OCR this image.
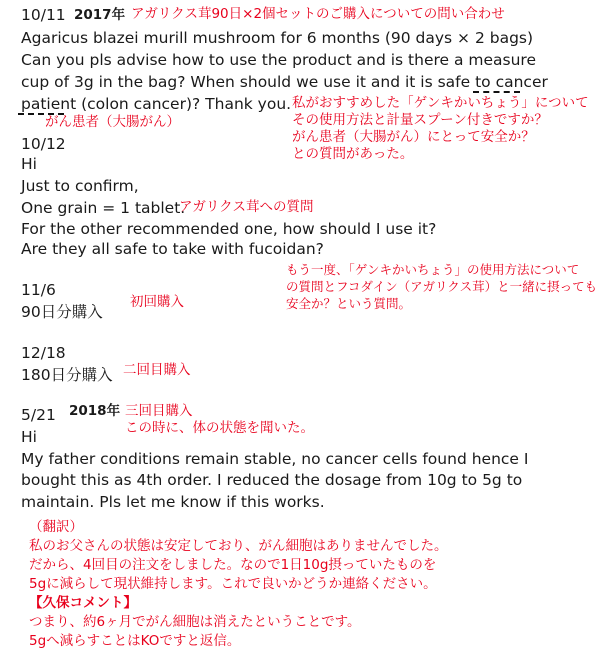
10/11 2017年 アガリクス茸90日×2個セットのご購入についての問い合わせ
Agaricus blazei murill mushroom for 6 months (90 days × 2 bags)
Can you pls advise how to use the product and is there a measure
cup of 3g in the bag? When should we use it and it is safe to cancer
patient (colon cancer)? Thank you.
がん患者（大腸がん）
私がおすすめした「ゲンキかいちょう」について
その使用方法と計量スプーン付きですか？
がん患者（大腸がん）にとって安全か？
との質問があった。
10/12
Hi
Just to confirm,
One grain = 1 tablet.
アガリクス茸への質問
For the other recommended one, how should I use it?
Are they all safe to take with fucoidan?
もう一度、「ゲンキかいちょう」の使用方法について
の質問とフコダイン（アガリクス茸）と一緒に摂っても
安全か？という質問。
11/6
90日分購入
初回購入
12/18
180日分購入 二回目購入
5/21 2018年 三回目購入
この時に、体の状態を聞いた。
Hi
My father conditions remain stable, no cancer cells found hence I
bought this as 4th order. I reduced the dosage from 10g to 5g to
maintain. Pls let me know if this works.
（翻訳）
私のお父さんの状態は安定しており、がん細胞はありませんでした。
だから、4回目の注文をしました。なので1日10g摂っていたものを
5gに減らして現状維持します。これで良いかどうか連絡ください。
【久保コメント】
つまり、約6ヶ月でがん細胞は消えたということです。
5gへ減らすことはKOですと返信。
